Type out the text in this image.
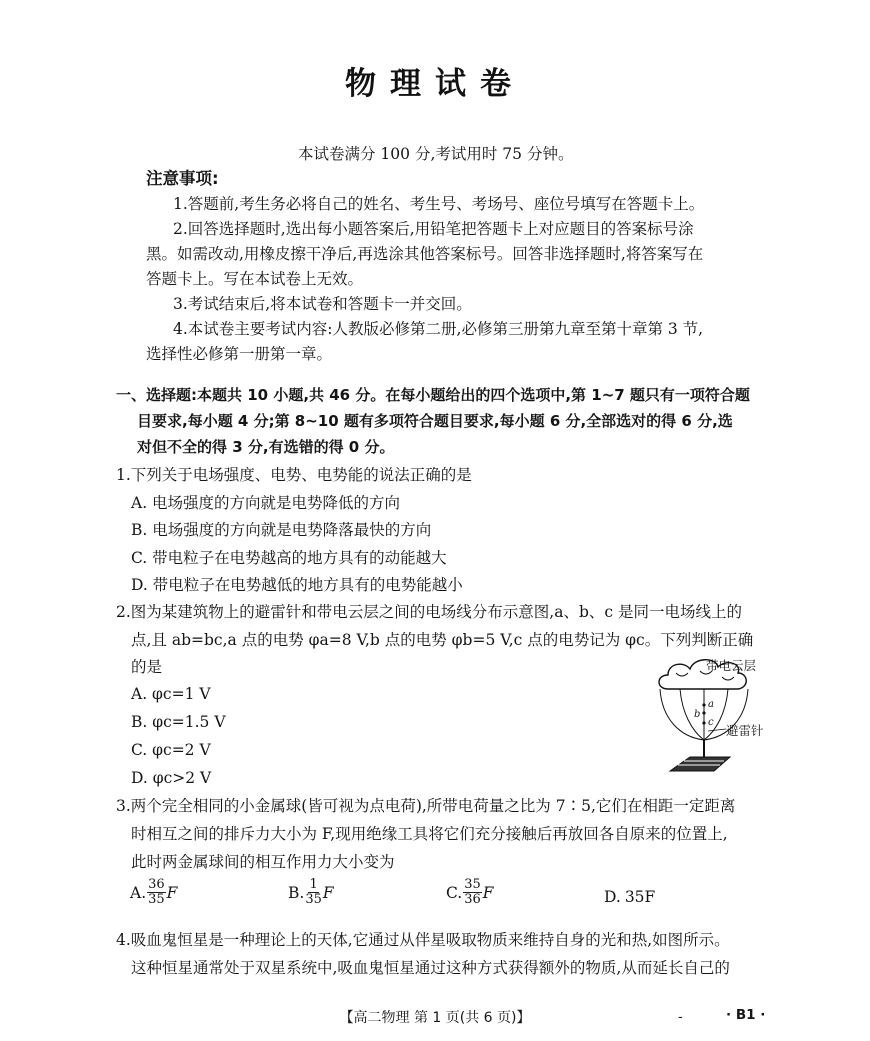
物理试卷
本试卷满分 100 分,考试用时 75 分钟。
注意事项:
1.答题前,考生务必将自己的姓名、考生号、考场号、座位号填写在答题卡上。
2.回答选择题时,选出每小题答案后,用铅笔把答题卡上对应题目的答案标号涂
黑。如需改动,用橡皮擦干净后,再选涂其他答案标号。回答非选择题时,将答案写在
答题卡上。写在本试卷上无效。
3.考试结束后,将本试卷和答题卡一并交回。
4.本试卷主要考试内容:人教版必修第二册,必修第三册第九章至第十章第 3 节,
选择性必修第一册第一章。
一、选择题:本题共 10 小题,共 46 分。在每小题给出的四个选项中,第 1~7 题只有一项符合题
目要求,每小题 4 分;第 8~10 题有多项符合题目要求,每小题 6 分,全部选对的得 6 分,选
对但不全的得 3 分,有选错的得 0 分。
1.下列关于电场强度、电势、电势能的说法正确的是
A. 电场强度的方向就是电势降低的方向
B. 电场强度的方向就是电势降落最快的方向
C. 带电粒子在电势越高的地方具有的动能越大
D. 带电粒子在电势越低的地方具有的电势能越小
2.图为某建筑物上的避雷针和带电云层之间的电场线分布示意图,a、b、c 是同一电场线上的
点,且 ab=bc,a 点的电势 φa=8 V,b 点的电势 φb=5 V,c 点的电势记为 φc。下列判断正确
的是
A. φc=1 V
B. φc=1.5 V
C. φc=2 V
D. φc>2 V
带电云层
避雷针
a
b
c
3.两个完全相同的小金属球(皆可视为点电荷),所带电荷量之比为 7∶5,它们在相距一定距离
时相互之间的排斥力大小为 F,现用绝缘工具将它们充分接触后再放回各自原来的位置上,
此时两金属球间的相互作用力大小变为
A. $\frac{36}{35}$ F	B. $\frac{1}{35}$ F	C. $\frac{35}{36}$ F	D. 35F
4.吸血鬼恒星是一种理论上的天体,它通过从伴星吸取物质来维持自身的光和热,如图所示。
这种恒星通常处于双星系统中,吸血鬼恒星通过这种方式获得额外的物质,从而延长自己的
【高二物理 第 1 页(共 6 页)】	-	· B1 ·
